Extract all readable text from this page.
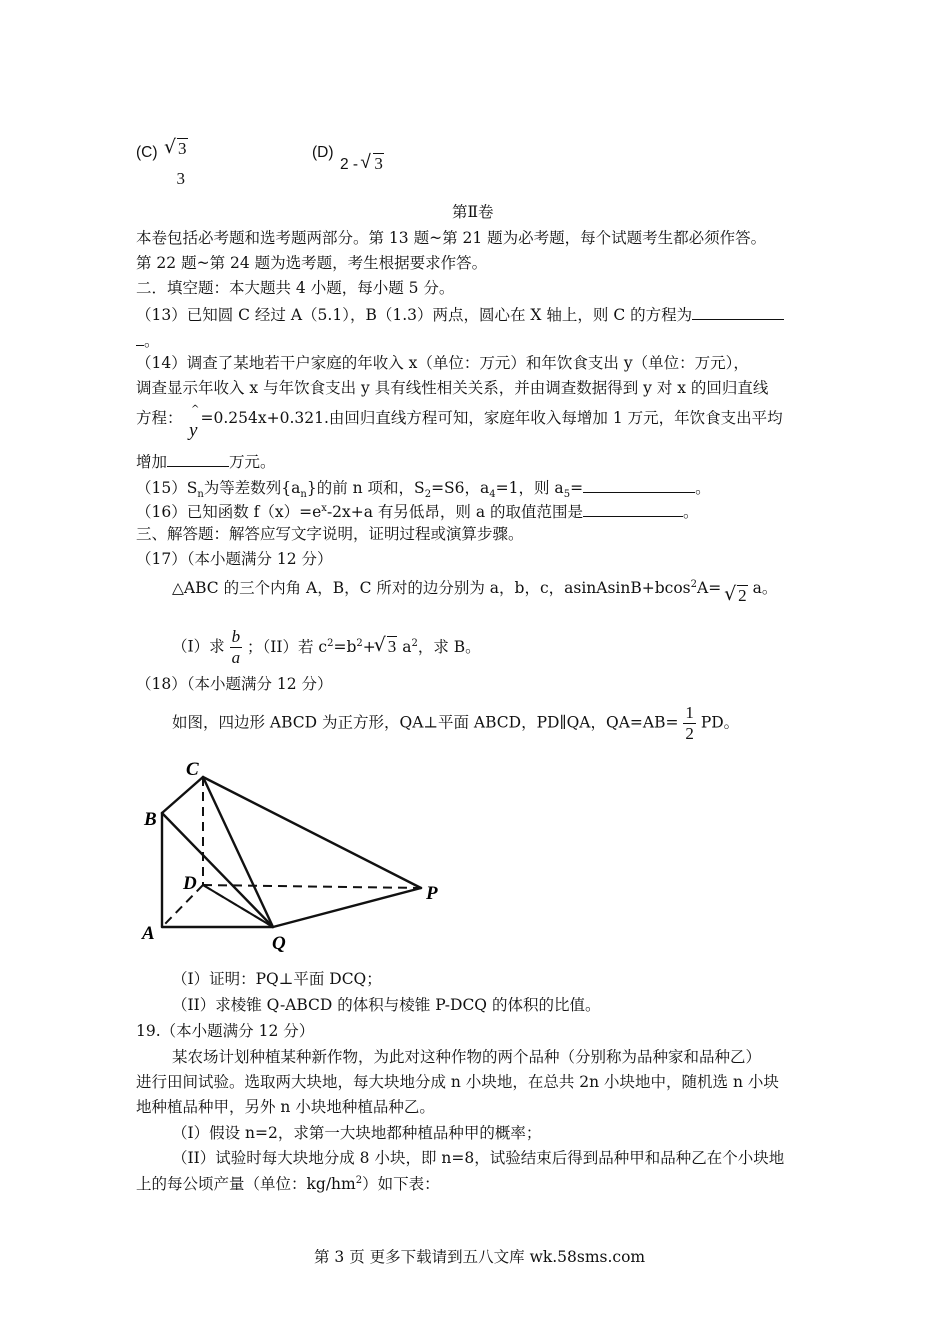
(C)
√	3
3
(D)
2 - √ 3
第Ⅱ卷
本卷包括必考题和选考题两部分。第 13 题~第 21 题为必考题，每个试题考生都必须作答。
第 22 题~第 24 题为选考题，考生根据要求作答。
二．填空题：本大题共 4 小题，每小题 5 分。
（13）已知圆 C 经过 A（5.1），B（1.3）两点，圆心在 X 轴上，则 C 的方程为
。
（14）调查了某地若干户家庭的年收入 x（单位：万元）和年饮食支出 y（单位：万元），
调查显示年收入 x 与年饮食支出 y 具有线性相关关系，并由调查数据得到 y 对 x 的回归直线
方程： =0.254x+0.321.由回归直线方程可知，家庭年收入每增加 1 万元，年饮食支出平均
^
y
增加	万元。
$(15)S_n$为等差数列$\{a_n\}$的前 n 项和，$S_2=S6$，$a_4=1$，则 $a_5=$	。
（16）已知函数 $f(x)=e^x-2x+a$ 有另低昂，则 a 的取值范围是	。
三、解答题：解答应写文字说明，证明过程或演算步骤。
（17）（本小题满分 12 分）
△ABC 的三个内角 A，B，C 所对的边分别为 a，b，c，asinAsinB+bcos$^2$A= √ 2 a。
（I）求 $\frac{b}{a}$ ；（II）若 $c^2=b^2+√$ 3 $a^2$，求 B。
（18）（本小题满分 12 分）
如图，四边形 ABCD 为正方形，QA⊥平面 ABCD，PD∥QA，$QA=AB= \frac{1}{2}$ PD。
C
B
D
A	Q
P
（I）证明：PQ⊥平面 DCQ；
（II）求棱锥 Q-ABCD 的体积与棱锥 P-DCQ 的体积的比值。
19.（本小题满分 12 分）
某农场计划种植某种新作物，为此对这种作物的两个品种（分别称为品种家和品种乙）
进行田间试验。选取两大块地，每大块地分成 n 小块地，在总共 2n 小块地中，随机选 n 小块
地种植品种甲，另外 n 小块地种植品种乙。
（I）假设 n=2，求第一大块地都种植品种甲的概率；
（II）试验时每大块地分成 8 小块，即 n=8，试验结束后得到品种甲和品种乙在个小块地
上的每公顷产量（单位：$kg/hm^2$）如下表：
第 3 页 更多下载请到五八文库 wk.58sms.com
